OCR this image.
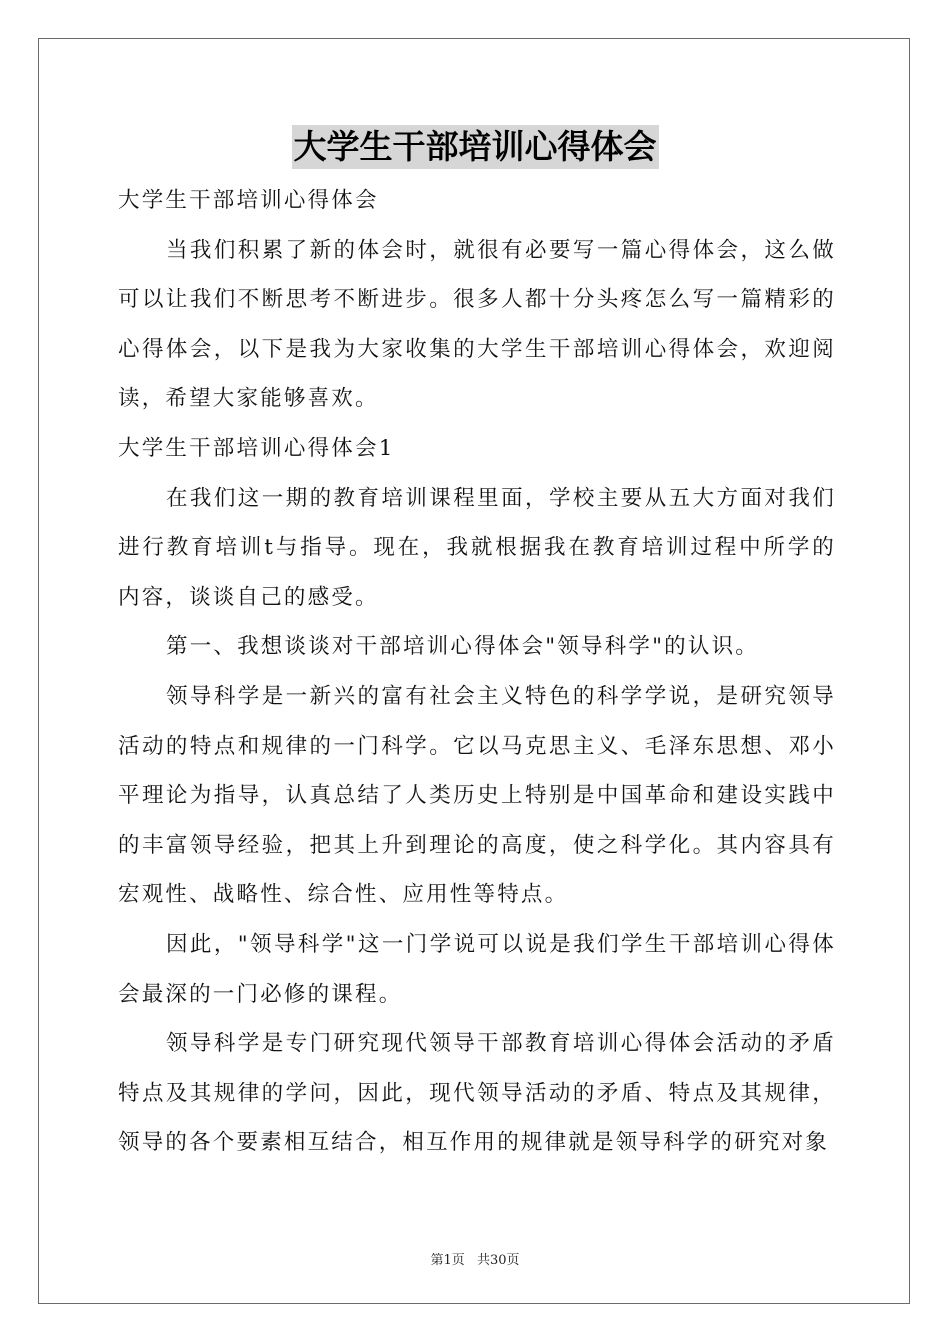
大学生干部培训心得体会

大学生干部培训心得体会

当我们积累了新的体会时，就很有必要写一篇心得体会，这么做可以让我们不断思考不断进步。很多人都十分头疼怎么写一篇精彩的心得体会，以下是我为大家收集的大学生干部培训心得体会，欢迎阅读，希望大家能够喜欢。

大学生干部培训心得体会1

在我们这一期的教育培训课程里面，学校主要从五大方面对我们进行教育培训t与指导。现在，我就根据我在教育培训过程中所学的内容，谈谈自己的感受。

第一、我想谈谈对干部培训心得体会"领导科学"的认识。

领导科学是一新兴的富有社会主义特色的科学学说，是研究领导活动的特点和规律的一门科学。它以马克思主义、毛泽东思想、邓小平理论为指导，认真总结了人类历史上特别是中国革命和建设实践中的丰富领导经验，把其上升到理论的高度，使之科学化。其内容具有宏观性、战略性、综合性、应用性等特点。

因此，"领导科学"这一门学说可以说是我们学生干部培训心得体会最深的一门必修的课程。

领导科学是专门研究现代领导干部教育培训心得体会活动的矛盾特点及其规律的学问，因此，现代领导活动的矛盾、特点及其规律，领导的各个要素相互结合，相互作用的规律就是领导科学的研究对象

第1页 共30页
